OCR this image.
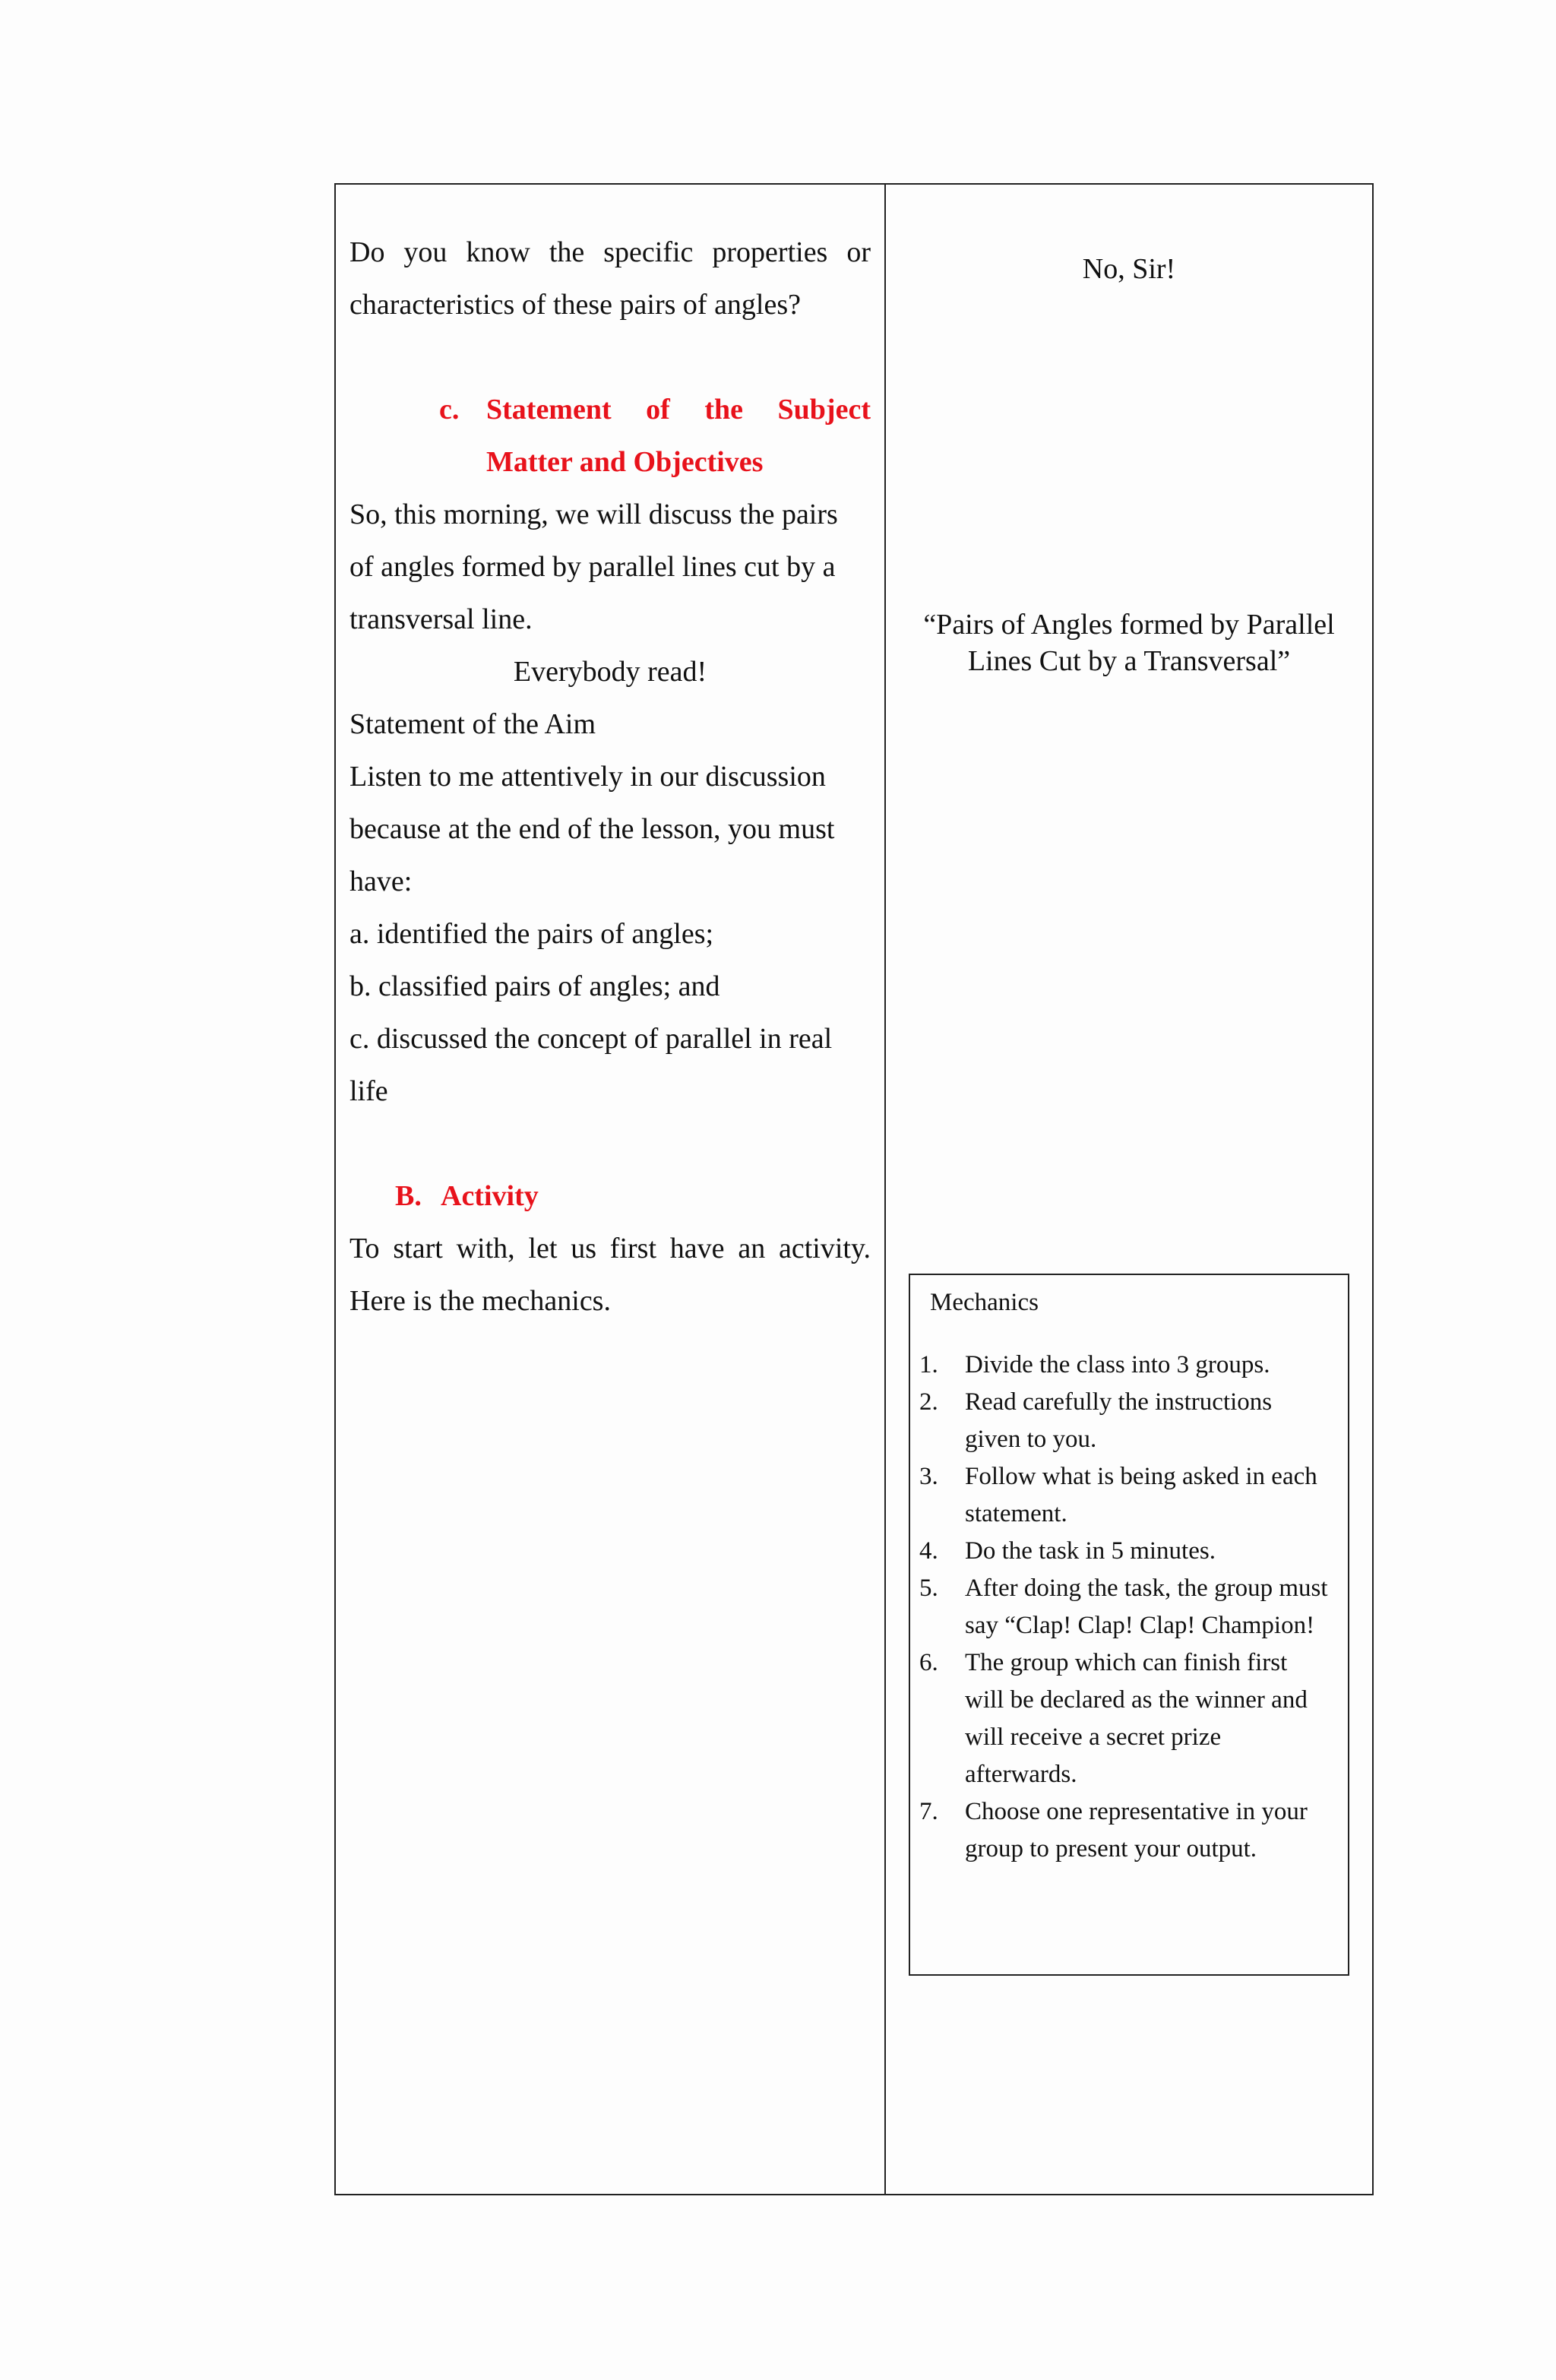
Do you know the specific properties or characteristics of these pairs of angles?

c. Statement of the Subject
Matter and Objectives

So, this morning, we will discuss the pairs

of angles formed by parallel lines cut by a

transversal line.

Everybody read!

Statement of the Aim

Listen to me attentively in our discussion

because at the end of the lesson, you must

have:

a. identified the pairs of angles;

b. classified pairs of angles; and

c. discussed the concept of parallel in real

life

B. Activity

To start with, let us first have an activity. Here is the mechanics.

No, Sir!
“Pairs of Angles formed by Parallel
Lines Cut by a Transversal”
Mechanics
1.	Divide the class into 3 groups.
2.	Read carefully the instructions given to you.
3.	Follow what is being asked in each statement.
4.	Do the task in 5 minutes.
5.	After doing the task, the group must say “Clap! Clap! Clap! Champion!
6.	The group which can finish first will be declared as the winner and will receive a secret prize afterwards.
7.	Choose one representative in your group to present your output.
